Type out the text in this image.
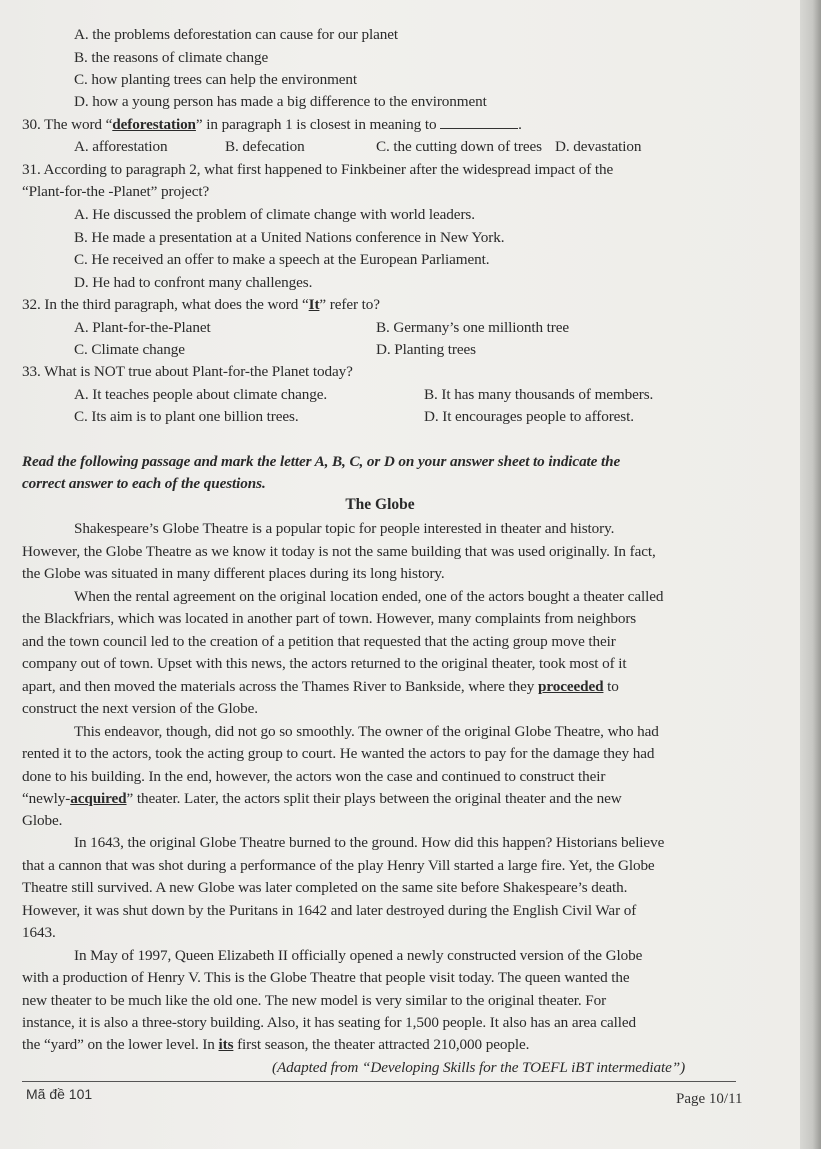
A. the problems deforestation can cause for our planet
B. the reasons of climate change
C. how planting trees can help the environment
D. how a young person has made a big difference to the environment
30. The word “deforestation” in paragraph 1 is closest in meaning to	.
A. afforestation	B. defecation	C. the cutting down of trees D. devastation
31. According to paragraph 2, what first happened to Finkbeiner after the widespread impact of the
“Plant-for-the -Planet” project?
A. He discussed the problem of climate change with world leaders.
B. He made a presentation at a United Nations conference in New York.
C. He received an offer to make a speech at the European Parliament.
D. He had to confront many challenges.
32. In the third paragraph, what does the word “It” refer to?
A. Plant-for-the-Planet	B. Germany’s one millionth tree
C. Climate change	D. Planting trees
33. What is NOT true about Plant-for-the Planet today?
A. It teaches people about climate change.	B. It has many thousands of members.
C. Its aim is to plant one billion trees.	D. It encourages people to afforest.
Read the following passage and mark the letter A, B, C, or D on your answer sheet to indicate the
correct answer to each of the questions.
The Globe
Shakespeare’s Globe Theatre is a popular topic for people interested in theater and history.
However, the Globe Theatre as we know it today is not the same building that was used originally. In fact,
the Globe was situated in many different places during its long history.
When the rental agreement on the original location ended, one of the actors bought a theater called
the Blackfriars, which was located in another part of town. However, many complaints from neighbors
and the town council led to the creation of a petition that requested that the acting group move their
company out of town. Upset with this news, the actors returned to the original theater, took most of it
apart, and then moved the materials across the Thames River to Bankside, where they proceeded to
construct the next version of the Globe.
This endeavor, though, did not go so smoothly. The owner of the original Globe Theatre, who had
rented it to the actors, took the acting group to court. He wanted the actors to pay for the damage they had
done to his building. In the end, however, the actors won the case and continued to construct their
“newly-acquired” theater. Later, the actors split their plays between the original theater and the new
Globe.
In 1643, the original Globe Theatre burned to the ground. How did this happen? Historians believe
that a cannon that was shot during a performance of the play Henry Vill started a large fire. Yet, the Globe
Theatre still survived. A new Globe was later completed on the same site before Shakespeare’s death.
However, it was shut down by the Puritans in 1642 and later destroyed during the English Civil War of
1643.
In May of 1997, Queen Elizabeth II officially opened a newly constructed version of the Globe
with a production of Henry V. This is the Globe Theatre that people visit today. The queen wanted the
new theater to be much like the old one. The new model is very similar to the original theater. For
instance, it is also a three-story building. Also, it has seating for 1,500 people. It also has an area called
the “yard” on the lower level. In its first season, the theater attracted 210,000 people.
(Adapted from “Developing Skills for the TOEFL iBT intermediate”)
Mã đề 101	Page 10/11
